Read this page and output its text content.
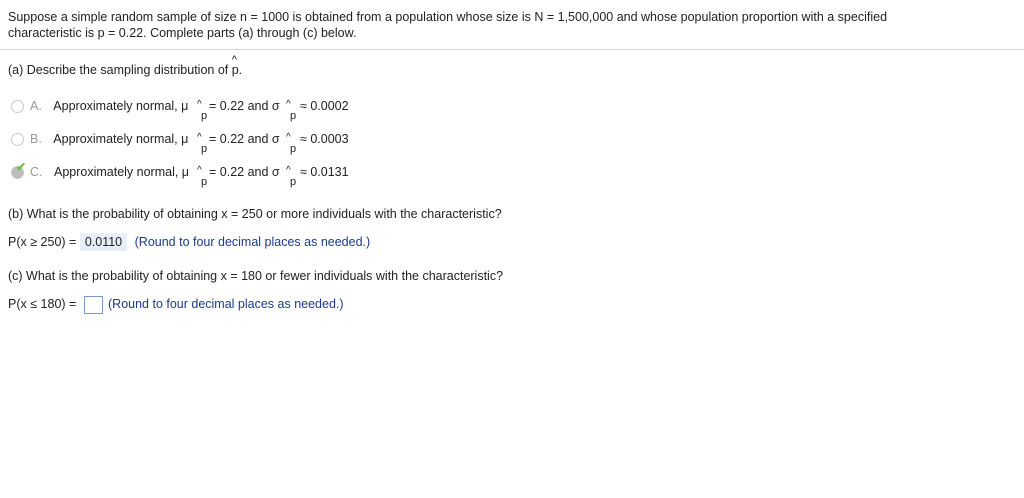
Suppose a simple random sample of size n = 1000 is obtained from a population whose size is N = 1,500,000 and whose population proportion with a specified
characteristic is p = 0.22. Complete parts (a) through (c) below.
(a) Describe the sampling distribution of
^
p.
A. Approximately normal, μ ^
p
= 0.22 and σ ^
p
≈ 0.0002
B. Approximately normal, μ ^
p
= 0.22 and σ ^
p
≈ 0.0003
✔ C. Approximately normal, μ ^
p
= 0.22 and σ ^
p
≈ 0.0131
(b) What is the probability of obtaining x = 250 or more individuals with the characteristic?
P(x ≥ 250) = 0.0110 (Round to four decimal places as needed.)
(c) What is the probability of obtaining x = 180 or fewer individuals with the characteristic?
P(x ≤ 180) =	(Round to four decimal places as needed.)
